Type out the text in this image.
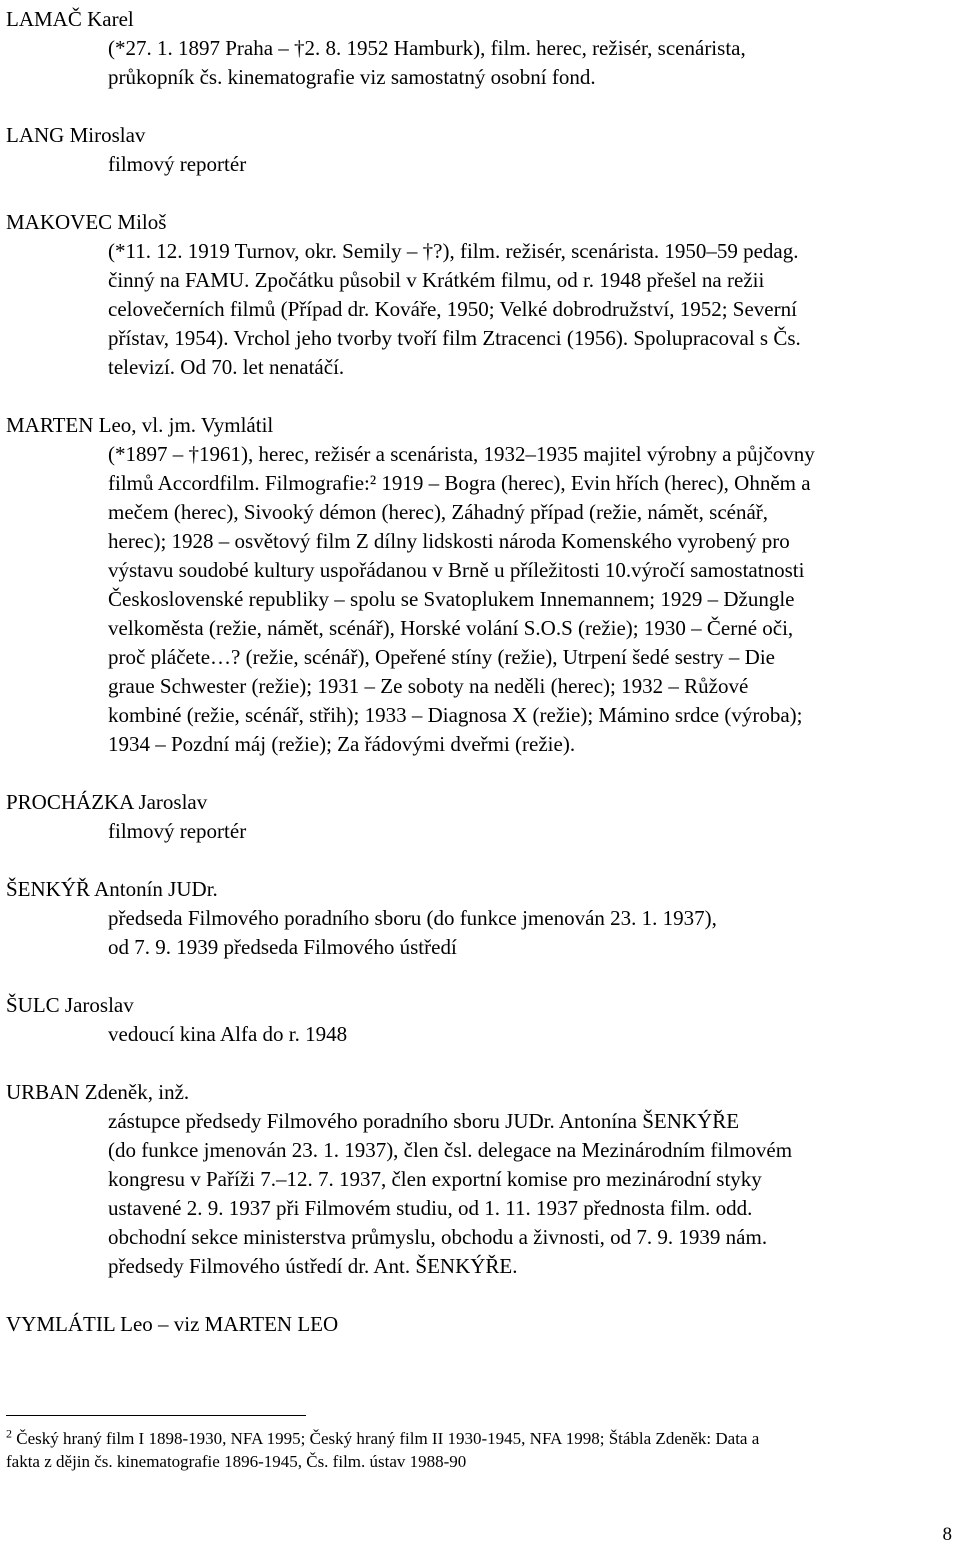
LAMAČ Karel
(*27. 1. 1897 Praha – †2. 8. 1952 Hamburk), film. herec, režisér, scenárista,
průkopník čs. kinematografie viz samostatný osobní fond.
LANG Miroslav
filmový reportér
MAKOVEC Miloš
(*11. 12. 1919 Turnov, okr. Semily – †?), film. režisér, scenárista. 1950–59 pedag.
činný na FAMU. Zpočátku působil v Krátkém filmu, od r. 1948 přešel na režii
celovečerních filmů (Případ dr. Kováře, 1950; Velké dobrodružství, 1952; Severní
přístav, 1954). Vrchol jeho tvorby tvoří film Ztracenci (1956). Spolupracoval s Čs.
televizí. Od 70. let nenatáčí.
MARTEN Leo, vl. jm. Vymlátil
(*1897 – †1961), herec, režisér a scenárista, 1932–1935 majitel výrobny a půjčovny
filmů Accordfilm. Filmografie:² 1919 – Bogra (herec), Evin hřích (herec), Ohněm a
mečem (herec), Sivooký démon (herec), Záhadný případ (režie, námět, scénář,
herec); 1928 – osvětový film Z dílny lidskosti národa Komenského vyrobený pro
výstavu soudobé kultury uspořádanou v Brně u příležitosti 10.výročí samostatnosti
Československé republiky – spolu se Svatoplukem Innemannem; 1929 – Džungle
velkoměsta (režie, námět, scénář), Horské volání S.O.S (režie); 1930 – Černé oči,
proč pláčete…? (režie, scénář), Opeřené stíny (režie), Utrpení šedé sestry – Die
graue Schwester (režie); 1931 – Ze soboty na neděli (herec); 1932 – Růžové
kombiné (režie, scénář, střih); 1933 – Diagnosa X (režie); Mámino srdce (výroba);
1934 – Pozdní máj (režie); Za řádovými dveřmi (režie).
PROCHÁZKA Jaroslav
filmový reportér
ŠENKÝŘ Antonín JUDr.
předseda Filmového poradního sboru (do funkce jmenován 23. 1. 1937),
od 7. 9. 1939 předseda Filmového ústředí
ŠULC Jaroslav
vedoucí kina Alfa do r. 1948
URBAN Zdeněk, inž.
zástupce předsedy Filmového poradního sboru JUDr. Antonína ŠENKÝŘE
(do funkce jmenován 23. 1. 1937), člen čsl. delegace na Mezinárodním filmovém
kongresu v Paříži 7.–12. 7. 1937, člen exportní komise pro mezinárodní styky
ustavené 2. 9. 1937 při Filmovém studiu, od 1. 11. 1937 přednosta film. odd.
obchodní sekce ministerstva průmyslu, obchodu a živnosti, od 7. 9. 1939 nám.
předsedy Filmového ústředí dr. Ant. ŠENKÝŘE.
VYMLÁTIL Leo – viz MARTEN LEO
$^2$ Český hraný film I 1898-1930, NFA 1995; Český hraný film II 1930-1945, NFA 1998; Štábla Zdeněk: Data a
fakta z dějin čs. kinematografie 1896-1945, Čs. film. ústav 1988-90
8
